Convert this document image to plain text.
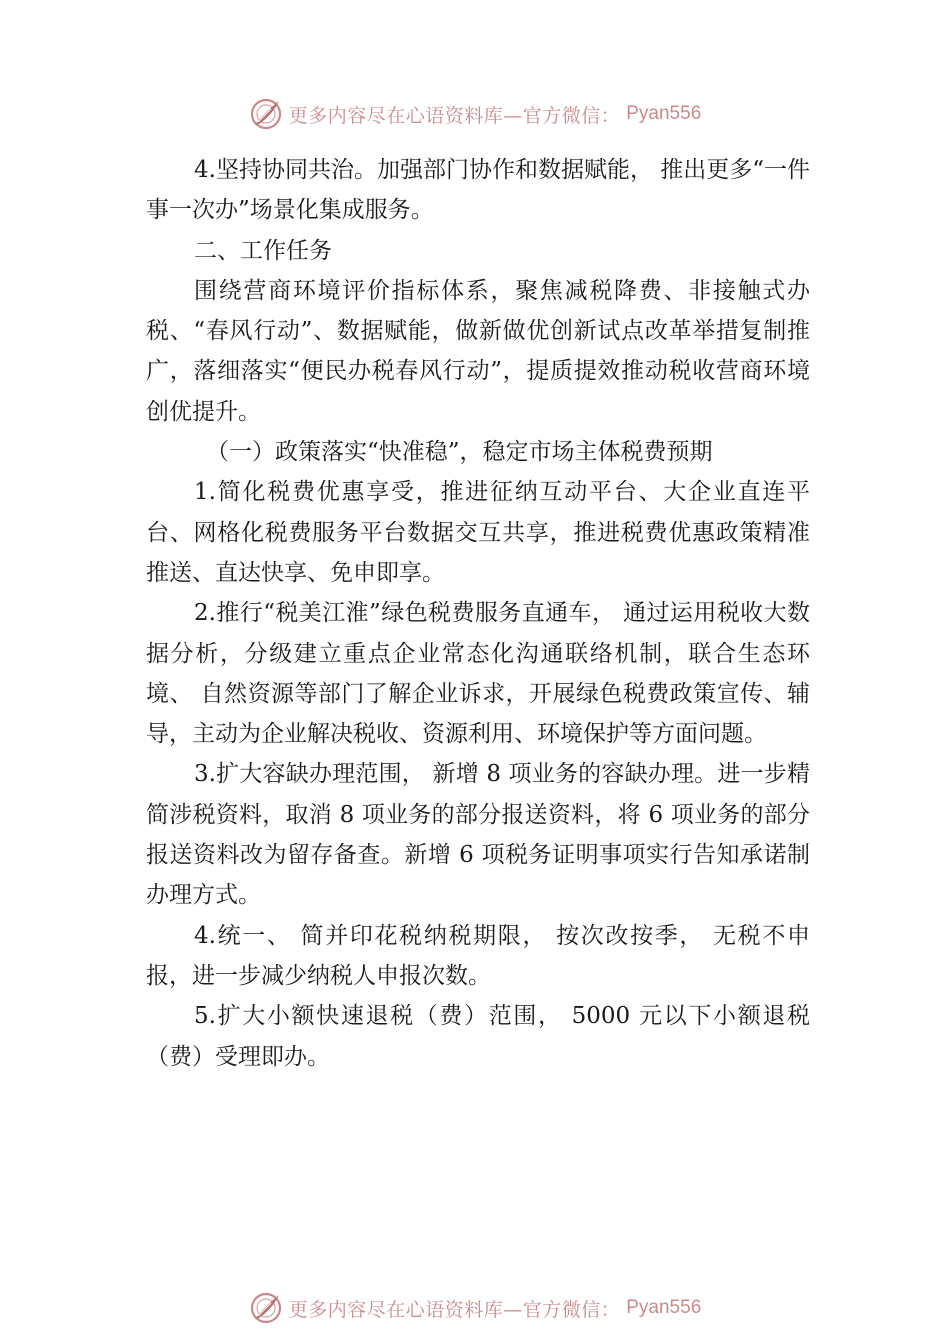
更多内容尽在心语资料库—官方微信： Pyan556

4.坚持协同共治。加强部门协作和数据赋能， 推出更多“一件事一次办”场景化集成服务。

二、工作任务

围绕营商环境评价指标体系，聚焦减税降费、非接触式办税、“春风行动”、数据赋能，做新做优创新试点改革举措复制推广，落细落实“便民办税春风行动”，提质提效推动税收营商环境创优提升。

（一）政策落实“快准稳”，稳定市场主体税费预期

1.简化税费优惠享受，推进征纳互动平台、大企业直连平台、网格化税费服务平台数据交互共享，推进税费优惠政策精准推送、直达快享、免申即享。

2.推行“税美江淮”绿色税费服务直通车， 通过运用税收大数据分析，分级建立重点企业常态化沟通联络机制，联合生态环境、 自然资源等部门了解企业诉求，开展绿色税费政策宣传、辅导，主动为企业解决税收、资源利用、环境保护等方面问题。

3.扩大容缺办理范围， 新增 8 项业务的容缺办理。进一步精简涉税资料，取消 8 项业务的部分报送资料，将 6 项业务的部分报送资料改为留存备查。新增 6 项税务证明事项实行告知承诺制办理方式。

4.统一、 简并印花税纳税期限， 按次改按季， 无税不申报，进一步减少纳税人申报次数。

5.扩大小额快速退税（费）范围， 5000 元以下小额退税（费）受理即办。

更多内容尽在心语资料库—官方微信： Pyan556
